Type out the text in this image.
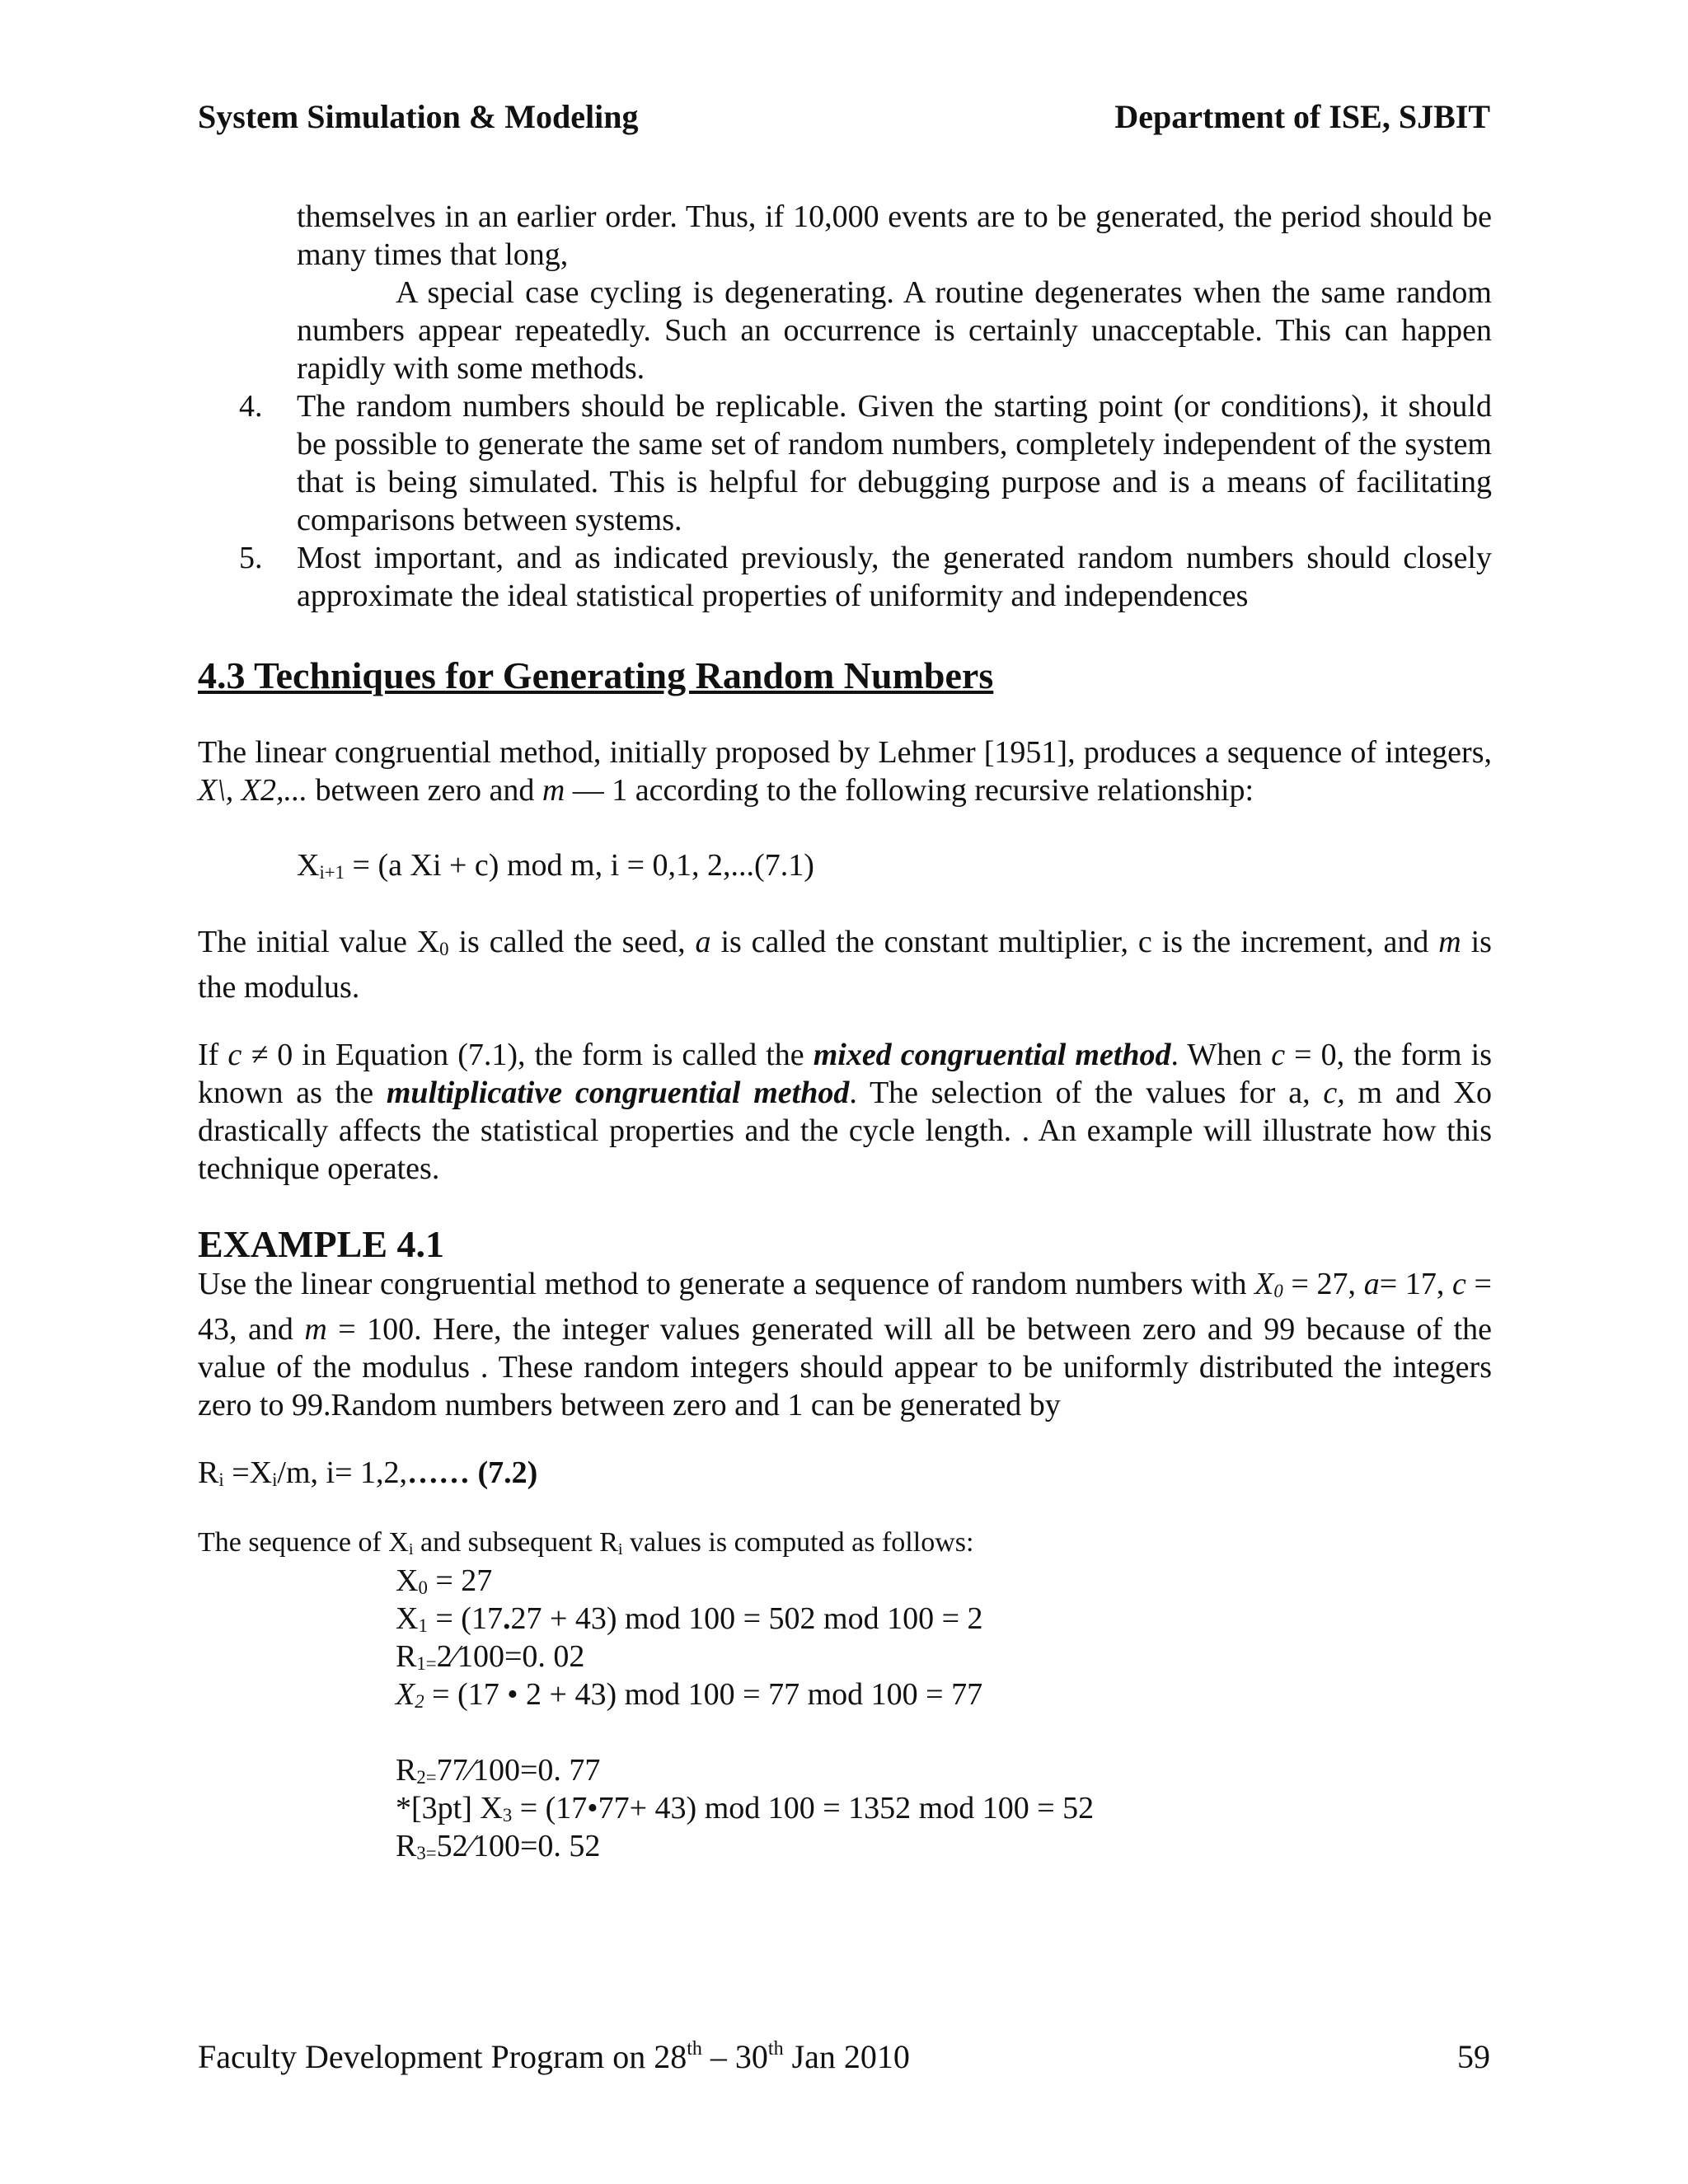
System Simulation & Modeling	Department of ISE, SJBIT
themselves in an earlier order. Thus, if 10,000 events are to be generated, the period should be many times that long,
A special case cycling is degenerating. A routine degenerates when the same random numbers appear repeatedly. Such an occurrence is certainly unacceptable. This can happen rapidly with some methods.
4.	The random numbers should be replicable. Given the starting point (or conditions), it should be possible to generate the same set of random numbers, completely independent of the system that is being simulated. This is helpful for debugging purpose and is a means of facilitating comparisons between systems.
5.	Most important, and as indicated previously, the generated random numbers should closely approximate the ideal statistical properties of uniformity and independences
4.3 Techniques for Generating Random Numbers
The linear congruential method, initially proposed by Lehmer [1951], produces a sequence of integers, X\, X2,... between zero and m — 1 according to the following recursive relationship:
$X_{i+1} = (a$ Xi + c) mod m, i = 0,1, 2,...(7.1)
The initial value $X_0$ is called the seed, a is called the constant multiplier, c is the increment, and m is the modulus.
If c ≠ 0 in Equation (7.1), the form is called the mixed congruential method. When c = 0, the form is known as the multiplicative congruential method. The selection of the values for a, c, m and Xo drastically affects the statistical properties and the cycle length. . An example will illustrate how this technique operates.
EXAMPLE 4.1
Use the linear congruential method to generate a sequence of random numbers with $X_0 = 27$, a= 17, c = 43, and m = 100. Here, the integer values generated will all be between zero and 99 because of the value of the modulus . These random integers should appear to be uniformly distributed the integers zero to 99.Random numbers between zero and 1 can be generated by
$R_i =X_i/m$, i= 1,2,…… (7.2)
The sequence of $X_i$ and subsequent $R_i$ values is computed as follows:
$X_0 = 27$
$X_1 = (17.27 + 43)$ mod 100 = 502 mod 100 = 2
$R_{1=}2⁄100=0$. 02
$X_2 = (17$ • 2 + 43) mod 100 = 77 mod 100 = 77
$R_{2=}77⁄100=0$. 77
*[3pt] $X_3$ = (17•77+ 43) mod 100 = 1352 mod 100 = 52
$R_{3=}52⁄100=0$. 52
Faculty Development Program on 28th – 30th Jan 2010	59
